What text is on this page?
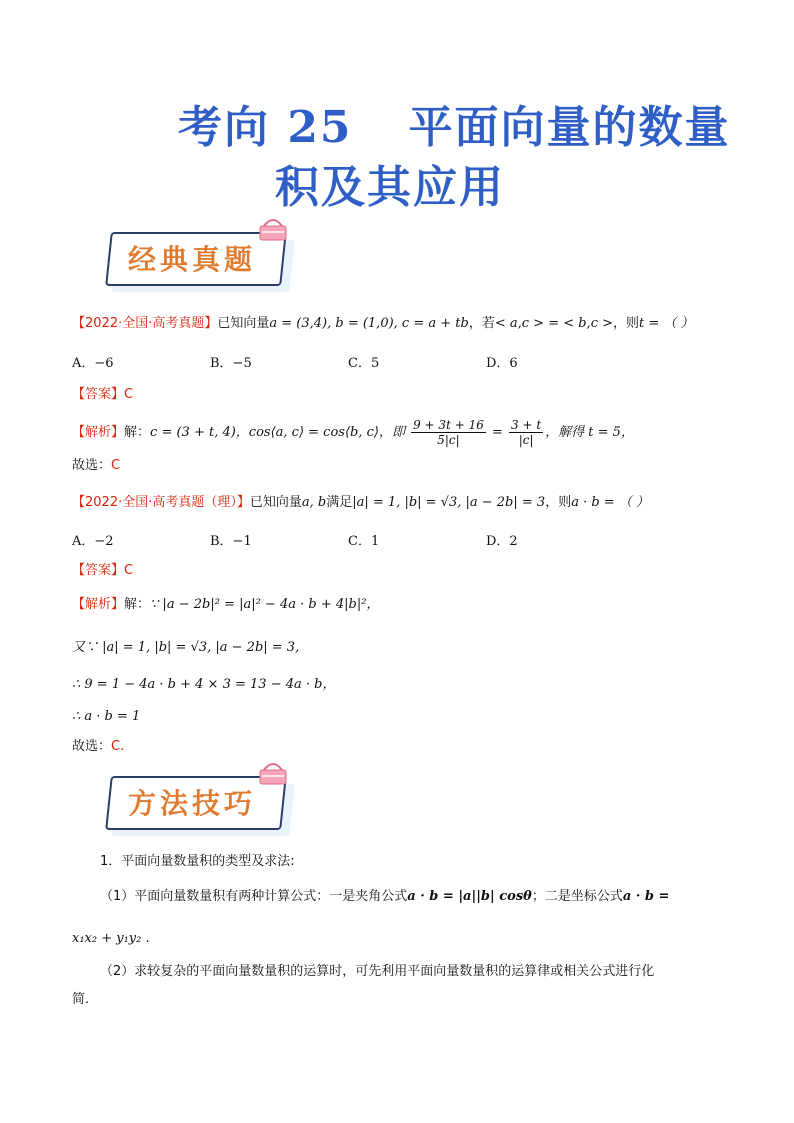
考向 25 平面向量的数量
积及其应用
经典真题
【2022·全国·高考真题】已知向量a = (3,4), b = (1,0), c = a + tb，若< a,c > = < b,c >，则t = （ ）
A．−6	B．−5	C．5	D．6
【答案】C
【解析】解：c = (3 + t, 4)，cos⟨a, c⟩ = cos⟨b, c⟩，即 $\frac{9 + 3t + 16}{5|c|} = \frac{3 + t}{|c|}$ ，解得 t = 5，
故选：C
【2022·全国·高考真题（理）】已知向量a, b满足|a| = 1, |b| = √3, |a − 2b| = 3，则a · b = （ ）
A．−2	B．−1	C．1	D．2
【答案】C
【解析】解：∵ |a − 2b|² = |a|² − 4a · b + 4|b|²，
又∵ |a| = 1, |b| = √3, |a − 2b| = 3,
∴ 9 = 1 − 4a · b + 4 × 3 = 13 − 4a · b，
∴ a · b = 1
故选：C.
方法技巧
1．平面向量数量积的类型及求法:
（1）平面向量数量积有两种计算公式：一是夹角公式a · b = |a||b| cosθ；二是坐标公式a · b =
x₁x₂ + y₁y₂ .
（2）求较复杂的平面向量数量积的运算时，可先利用平面向量数量积的运算律或相关公式进行化
简.
